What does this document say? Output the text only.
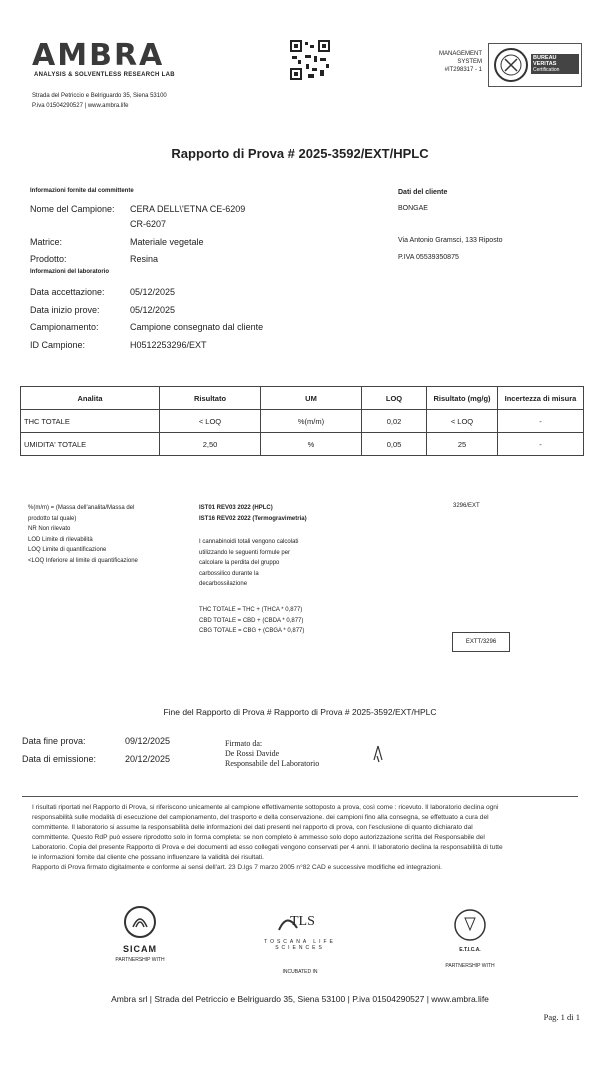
AMBRA
ANALYSIS & SOLVENTLESS RESEARCH LAB
Strada del Petriccio e Belriguardo 35, Siena 53100
P.iva 01504290527 | www.ambra.life
MANAGEMENT
SYSTEM
#IT298317 - 1
BUREAU VERITAS
Certification
Rapporto di Prova # 2025-3592/EXT/HPLC
Informazioni fornite dal committente
Nome del Campione: CERA DELL\'ETNA CE-6209
CR-6207
Matrice:	Materiale vegetale
Prodotto:	Resina
Informazioni del laboratorio
Data accettazione:	05/12/2025
Data inizio prove:	05/12/2025
Campionamento:	Campione consegnato dal cliente
ID Campione:	H0512253296/EXT
Dati del cliente
BONGAE
Via Antonio Gramsci, 133 Riposto
P.IVA 05539350875
Analita	Risultato	UM	LOQ	Risultato (mg/g)	Incertezza di misura
THC TOTALE	< LOQ	%(m/m)	0,02	< LOQ	-
UMIDITA' TOTALE	2,50	%	0,05	25	-
%(m/m) = (Massa dell'analita/Massa del
prodotto tal quale)
NR Non rilevato
LOD Limite di rilevabilità
LOQ Limite di quantificazione
<LOQ Inferiore al limite di quantificazione
IST01 REV03 2022 (HPLC)
IST16 REV02 2022 (Termogravimetria)
I cannabinoidi totali vengono calcolati
utilizzando le seguenti formule per
calcolare la perdita del gruppo
carbossilico durante la
decarbossilazione
THC TOTALE = THC + (THCA * 0,877)
CBD TOTALE = CBD + (CBDA * 0,877)
CBG TOTALE = CBG + (CBGA * 0,877)
3296/EXT
EXTT/3296
Fine del Rapporto di Prova # Rapporto di Prova # 2025-3592/EXT/HPLC
Data fine prova:	09/12/2025
Data di emissione:	20/12/2025
Firmato da:
De Rossi Davide
Responsabile del Laboratorio
I risultati riportati nel Rapporto di Prova, si riferiscono unicamente al campione effettivamente sottoposto a prova, così come : ricevuto. Il laboratorio declina ogni
responsabilità sulle modalità di esecuzione del campionamento, del trasporto e della conservazione. dei campioni fino alla consegna, se effettuato a cura del
committente. Il laboratorio si assume la responsabilità delle informazioni dei dati presenti nel rapporto di prova, con l'esclusione di quanto dichiarato dal
committente. Questo RdP può essere riprodotto solo in forma completa: se non completo è ammesso solo dopo autorizzazione scritta del Responsabile del
Laboratorio. Copia del presente Rapporto di Prova e dei documenti ad esso collegati vengono conservati per 4 anni. Il laboratorio declina la responsabilità di tutte
le informazioni fornite dal cliente che possano influenzare la validità dei risultati.
Rapporto di Prova firmato digitalmente e conforme ai sensi dell'art. 23 D.lgs 7 marzo 2005 n°82 CAD e successive modifiche ed integrazioni.
SICAM
PARTNERSHIP WITH
TLS
TOSCANA LIFE SCIENCES
INCUBATED IN
E.T.I.C.A.
PARTNERSHIP WITH
Ambra srl | Strada del Petriccio e Belriguardo 35, Siena 53100 | P.iva 01504290527 | www.ambra.life
Pag. 1 di 1
